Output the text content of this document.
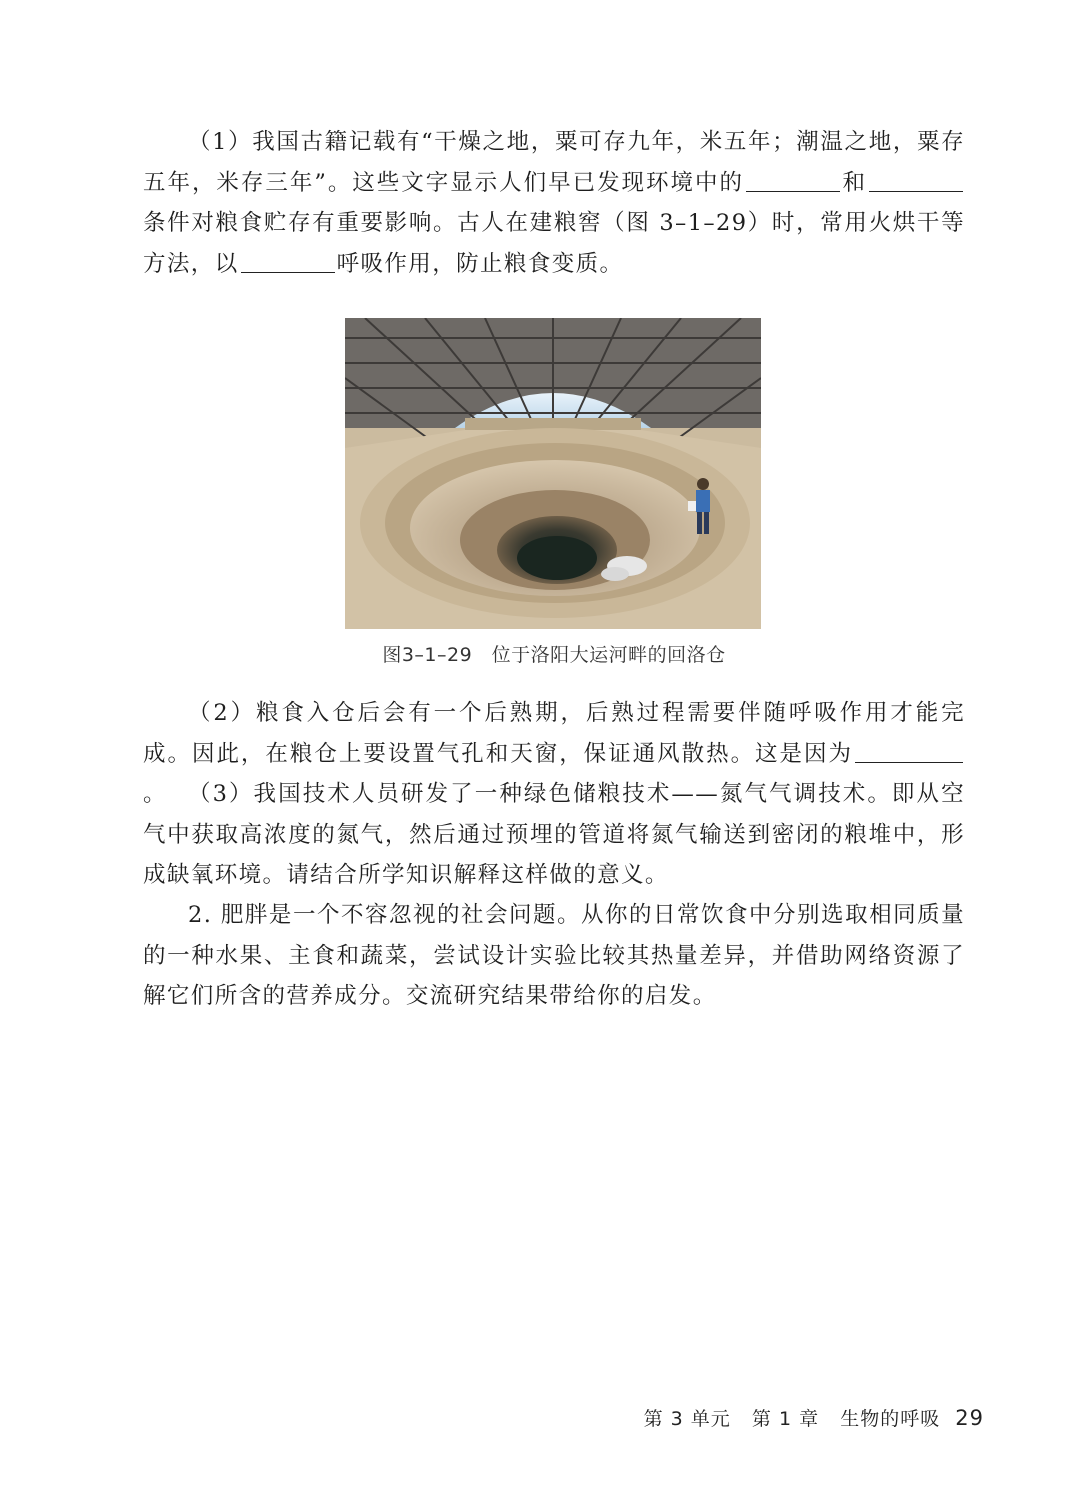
（1）我国古籍记载有“干燥之地，粟可存九年，米五年；潮温之地，粟存五年，米存三年”。这些文字显示人们早已发现环境中的	和条件对粮食贮存有重要影响。古人在建粮窖（图 3–1–29）时，常用火烘干等方法，以	呼吸作用，防止粮食变质。

图3–1–29　位于洛阳大运河畔的回洛仓

（2）粮食入仓后会有一个后熟期，后熟过程需要伴随呼吸作用才能完成。因此，在粮仓上要设置气孔和天窗，保证通风散热。这是因为。 （3）我国技术人员研发了一种绿色储粮技术——氮气气调技术。即从空气中获取高浓度的氮气，然后通过预埋的管道将氮气输送到密闭的粮堆中，形成缺氧环境。请结合所学知识解释这样做的意义。

2. 肥胖是一个不容忽视的社会问题。从你的日常饮食中分别选取相同质量的一种水果、主食和蔬菜，尝试设计实验比较其热量差异，并借助网络资源了解它们所含的营养成分。交流研究结果带给你的启发。

第 3 单元 第 1 章 生物的呼吸 29
